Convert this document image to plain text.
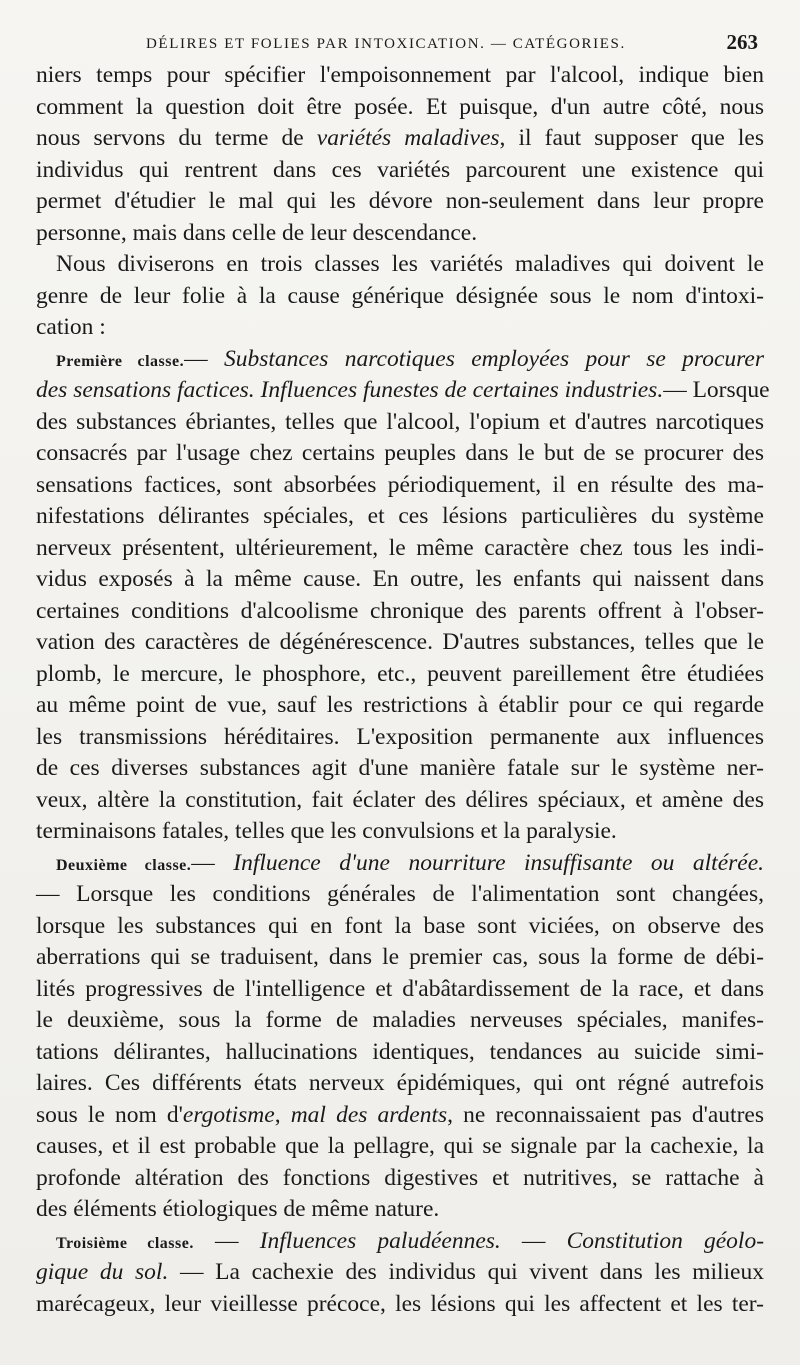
DÉLIRES ET FOLIES PAR INTOXICATION. — CATÉGORIES.	263
niers temps pour spécifier l'empoisonnement par l'alcool, indique bien
comment la question doit être posée. Et puisque, d'un autre côté, nous
nous servons du terme de variétés maladives, il faut supposer que les
individus qui rentrent dans ces variétés parcourent une existence qui
permet d'étudier le mal qui les dévore non-seulement dans leur propre
personne, mais dans celle de leur descendance.
Nous diviserons en trois classes les variétés maladives qui doivent le
genre de leur folie à la cause générique désignée sous le nom d'intoxi-
cation :
Première classe.— Substances narcotiques employées pour se procurer
des sensations factices. Influences funestes de certaines industries.— Lorsque
des substances ébriantes, telles que l'alcool, l'opium et d'autres narcotiques
consacrés par l'usage chez certains peuples dans le but de se procurer des
sensations factices, sont absorbées périodiquement, il en résulte des ma-
nifestations délirantes spéciales, et ces lésions particulières du système
nerveux présentent, ultérieurement, le même caractère chez tous les indi-
vidus exposés à la même cause. En outre, les enfants qui naissent dans
certaines conditions d'alcoolisme chronique des parents offrent à l'obser-
vation des caractères de dégénérescence. D'autres substances, telles que le
plomb, le mercure, le phosphore, etc., peuvent pareillement être étudiées
au même point de vue, sauf les restrictions à établir pour ce qui regarde
les transmissions héréditaires. L'exposition permanente aux influences
de ces diverses substances agit d'une manière fatale sur le système ner-
veux, altère la constitution, fait éclater des délires spéciaux, et amène des
terminaisons fatales, telles que les convulsions et la paralysie.
Deuxième classe.— Influence d'une nourriture insuffisante ou altérée.
— Lorsque les conditions générales de l'alimentation sont changées,
lorsque les substances qui en font la base sont viciées, on observe des
aberrations qui se traduisent, dans le premier cas, sous la forme de débi-
lités progressives de l'intelligence et d'abâtardissement de la race, et dans
le deuxième, sous la forme de maladies nerveuses spéciales, manifes-
tations délirantes, hallucinations identiques, tendances au suicide simi-
laires. Ces différents états nerveux épidémiques, qui ont régné autrefois
sous le nom d'ergotisme, mal des ardents, ne reconnaissaient pas d'autres
causes, et il est probable que la pellagre, qui se signale par la cachexie, la
profonde altération des fonctions digestives et nutritives, se rattache à
des éléments étiologiques de même nature.
Troisième classe. — Influences paludéennes. — Constitution géolo-
gique du sol. — La cachexie des individus qui vivent dans les milieux
marécageux, leur vieillesse précoce, les lésions qui les affectent et les ter-
